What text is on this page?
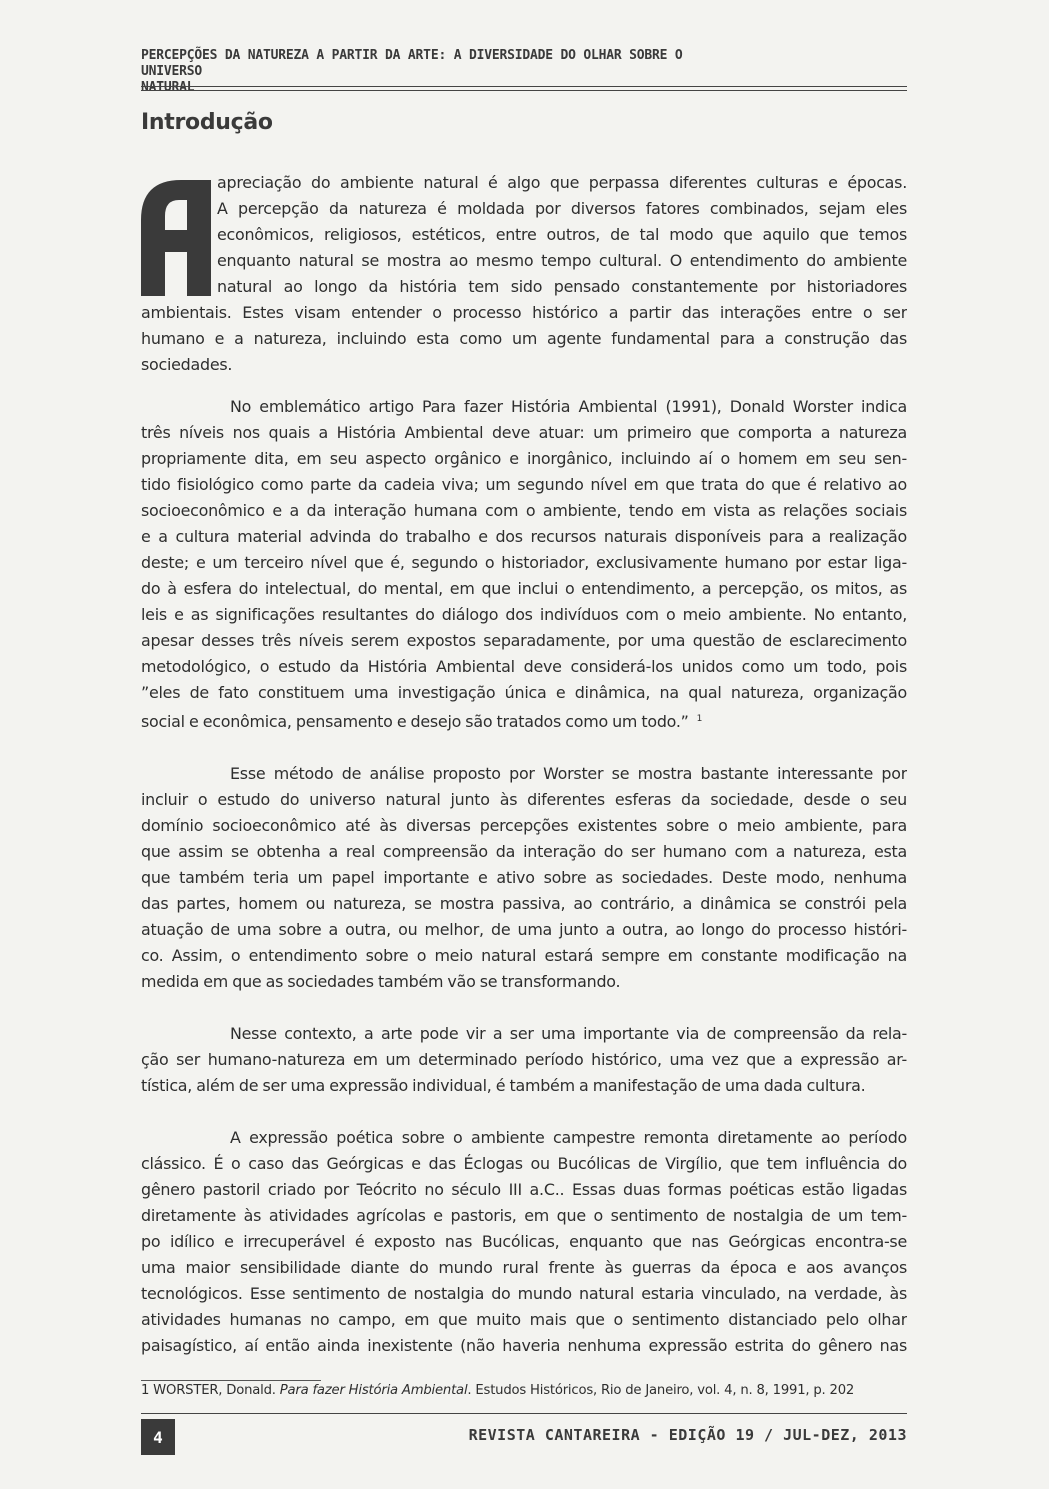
PERCEPÇÕES DA NATUREZA A PARTIR DA ARTE: A DIVERSIDADE DO OLHAR SOBRE O UNIVERSO
NATURAL
Introdução
apreciação do ambiente natural é algo que perpassa diferentes culturas e épocas.
A percepção da natureza é moldada por diversos fatores combinados, sejam eles
econômicos, religiosos, estéticos, entre outros, de tal modo que aquilo que temos
enquanto natural se mostra ao mesmo tempo cultural. O entendimento do ambiente
natural ao longo da história tem sido pensado constantemente por historiadores
ambientais. Estes visam entender o processo histórico a partir das interações entre o ser
humano e a natureza, incluindo esta como um agente fundamental para a construção das
sociedades.
No emblemático artigo Para fazer História Ambiental (1991), Donald Worster indica
três níveis nos quais a História Ambiental deve atuar: um primeiro que comporta a natureza
propriamente dita, em seu aspecto orgânico e inorgânico, incluindo aí o homem em seu sen-
tido fisiológico como parte da cadeia viva; um segundo nível em que trata do que é relativo ao
socioeconômico e a da interação humana com o ambiente, tendo em vista as relações sociais
e a cultura material advinda do trabalho e dos recursos naturais disponíveis para a realização
deste; e um terceiro nível que é, segundo o historiador, exclusivamente humano por estar liga-
do à esfera do intelectual, do mental, em que inclui o entendimento, a percepção, os mitos, as
leis e as significações resultantes do diálogo dos indivíduos com o meio ambiente. No entanto,
apesar desses três níveis serem expostos separadamente, por uma questão de esclarecimento
metodológico, o estudo da História Ambiental deve considerá-los unidos como um todo, pois
”eles de fato constituem uma investigação única e dinâmica, na qual natureza, organização
social e econômica, pensamento e desejo são tratados como um todo.” $^1$
Esse método de análise proposto por Worster se mostra bastante interessante por
incluir o estudo do universo natural junto às diferentes esferas da sociedade, desde o seu
domínio socioeconômico até às diversas percepções existentes sobre o meio ambiente, para
que assim se obtenha a real compreensão da interação do ser humano com a natureza, esta
que também teria um papel importante e ativo sobre as sociedades. Deste modo, nenhuma
das partes, homem ou natureza, se mostra passiva, ao contrário, a dinâmica se constrói pela
atuação de uma sobre a outra, ou melhor, de uma junto a outra, ao longo do processo históri-
co. Assim, o entendimento sobre o meio natural estará sempre em constante modificação na
medida em que as sociedades também vão se transformando.
Nesse contexto, a arte pode vir a ser uma importante via de compreensão da rela-
ção ser humano-natureza em um determinado período histórico, uma vez que a expressão ar-
tística, além de ser uma expressão individual, é também a manifestação de uma dada cultura.
A expressão poética sobre o ambiente campestre remonta diretamente ao período
clássico. É o caso das Geórgicas e das Éclogas ou Bucólicas de Virgílio, que tem influência do
gênero pastoril criado por Teócrito no século III a.C.. Essas duas formas poéticas estão ligadas
diretamente às atividades agrícolas e pastoris, em que o sentimento de nostalgia de um tem-
po idílico e irrecuperável é exposto nas Bucólicas, enquanto que nas Geórgicas encontra-se
uma maior sensibilidade diante do mundo rural frente às guerras da época e aos avanços
tecnológicos. Esse sentimento de nostalgia do mundo natural estaria vinculado, na verdade, às
atividades humanas no campo, em que muito mais que o sentimento distanciado pelo olhar
paisagístico, aí então ainda inexistente (não haveria nenhuma expressão estrita do gênero nas
1 WORSTER, Donald. Para fazer História Ambiental. Estudos Históricos, Rio de Janeiro, vol. 4, n. 8, 1991, p. 202
4	REVISTA CANTAREIRA - EDIÇÃO 19 / JUL-DEZ, 2013
